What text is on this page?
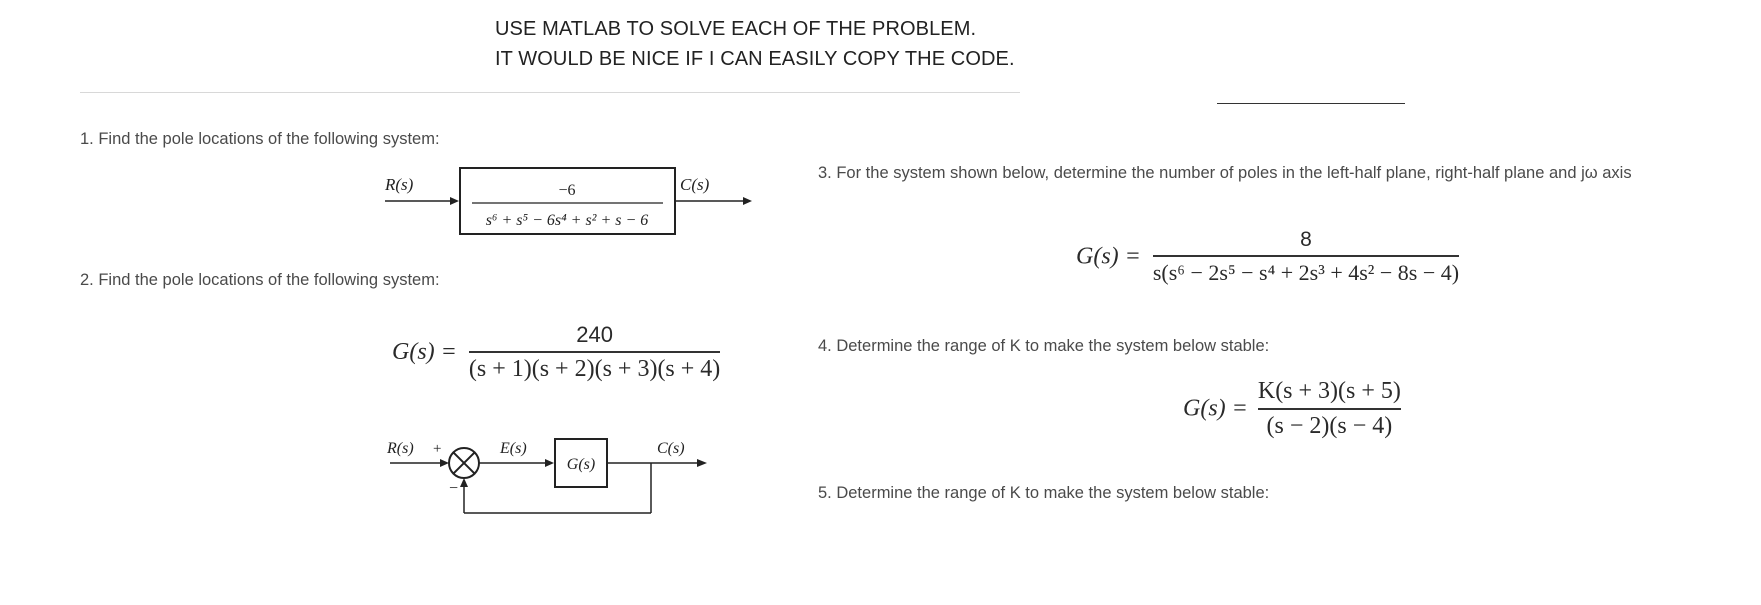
USE MATLAB TO SOLVE EACH OF THE PROBLEM.
IT WOULD BE NICE IF I CAN EASILY COPY THE CODE.
1. Find the pole locations of the following system:
R(s)	C(s)
−6
s⁶ + s⁵ − 6s⁴ + s² + s − 6
2. Find the pole locations of the following system:
$G(s) = \frac{240}{(s + 1)(s + 2)(s + 3)(s + 4)}$
R(s) +
−
E(s)
G(s)
C(s)
3. For the system shown below, determine the number of poles in the left-half plane, right-half plane and jω axis
$G(s) = \frac{8}{\text{s(s⁶ − 2s⁵ − s⁴ + 2s³ + 4s² − 8s − 4)}}$
4. Determine the range of K to make the system below stable:
$G(s) = \frac{K(s + 3)(s + 5)}{(s - 2)(s - 4)}$
5. Determine the range of K to make the system below stable:
